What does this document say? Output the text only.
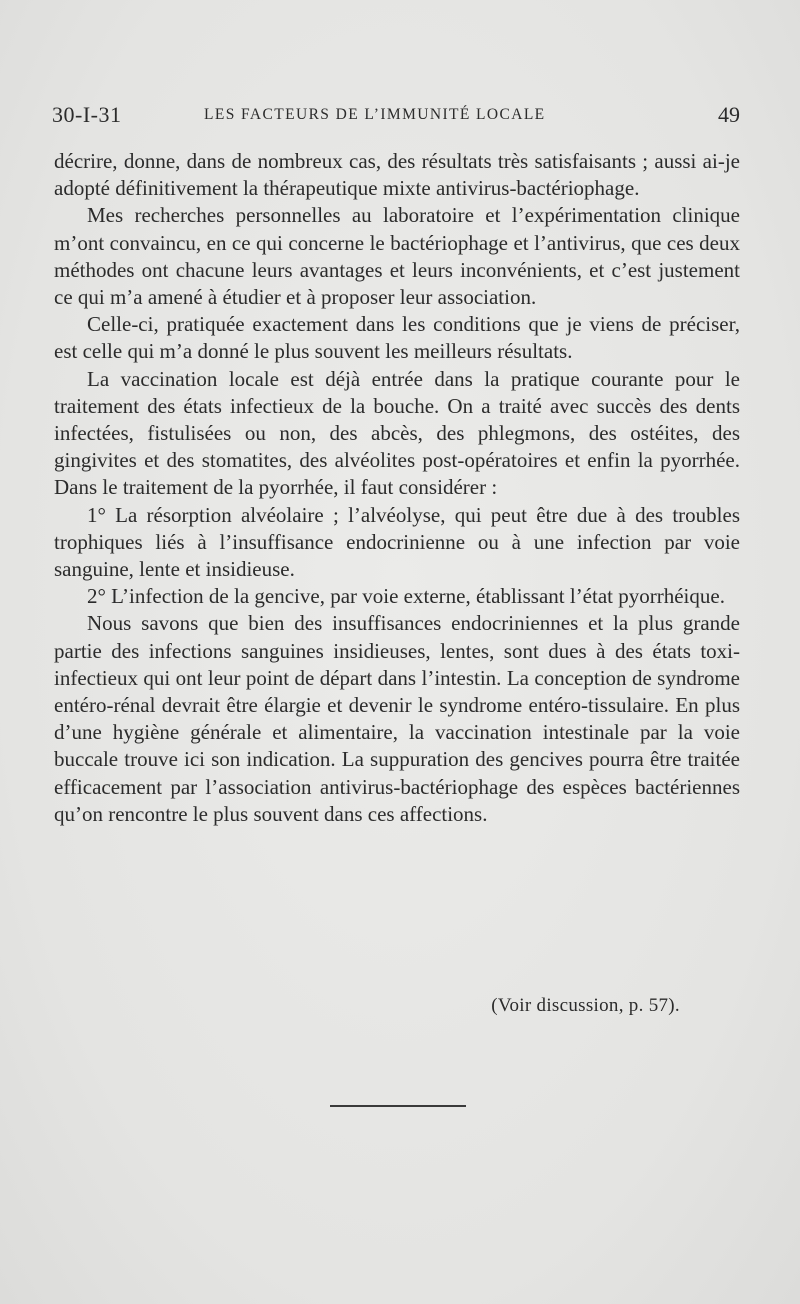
30-I-31	LES FACTEURS DE L’IMMUNITÉ LOCALE	49

décrire, donne, dans de nombreux cas, des résultats très satisfaisants ; aussi ai-je adopté définitivement la thérapeutique mixte antivirus-bactériophage.

Mes recherches personnelles au laboratoire et l’expérimentation clinique m’ont convaincu, en ce qui concerne le bactériophage et l’antivirus, que ces deux méthodes ont chacune leurs avantages et leurs inconvénients, et c’est justement ce qui m’a amené à étudier et à proposer leur association.

Celle-ci, pratiquée exactement dans les conditions que je viens de préciser, est celle qui m’a donné le plus souvent les meilleurs résultats.

La vaccination locale est déjà entrée dans la pratique courante pour le traitement des états infectieux de la bouche. On a traité avec succès des dents infectées, fistulisées ou non, des abcès, des phlegmons, des ostéites, des gingivites et des stomatites, des alvéolites post-opératoires et enfin la pyorrhée. Dans le traitement de la pyorrhée, il faut considérer :

1° La résorption alvéolaire ; l’alvéolyse, qui peut être due à des troubles trophiques liés à l’insuffisance endocrinienne ou à une infection par voie sanguine, lente et insidieuse.

2° L’infection de la gencive, par voie externe, établissant l’état pyorrhéique.

Nous savons que bien des insuffisances endocriniennes et la plus grande partie des infections sanguines insidieuses, lentes, sont dues à des états toxi-infectieux qui ont leur point de départ dans l’intestin. La conception de syndrome entéro-rénal devrait être élargie et devenir le syndrome entéro-tissulaire. En plus d’une hygiène générale et alimentaire, la vaccination intestinale par la voie buccale trouve ici son indication. La suppuration des gencives pourra être traitée efficacement par l’association antivirus-bactériophage des espèces bactériennes qu’on rencontre le plus souvent dans ces affections.

(Voir discussion, p. 57).
